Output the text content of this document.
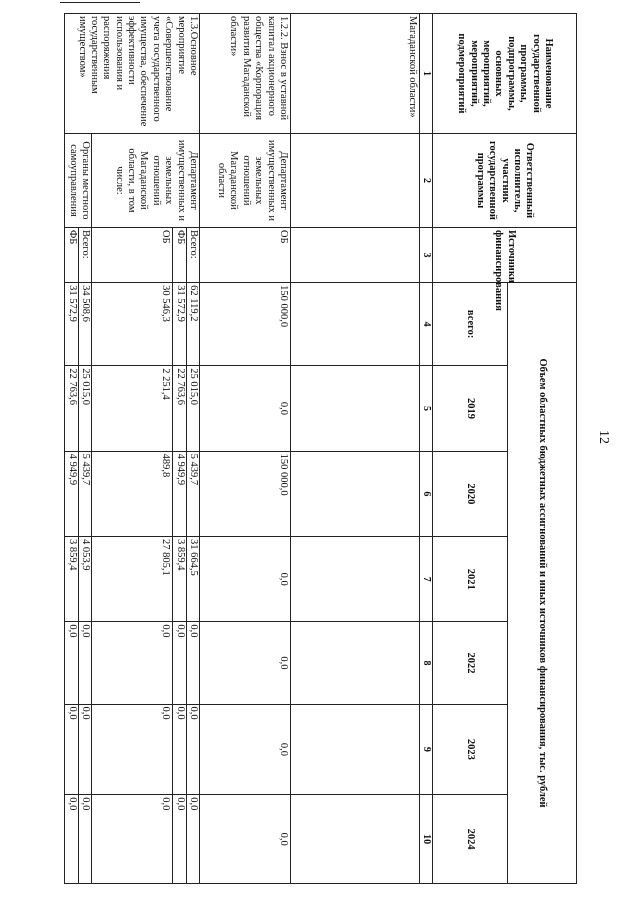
12
Наименование государственной программы, подпрограммы, основных мероприятий, мероприятий, подмероприятий	Ответственный исполнитель, участник государственной программы	Источники финансирования	Объем областных бюджетных ассигнований и иных источников финансирования, тыс. рублей						
			всего:	2019	2020	2021	2022	2023	2024
1	2	3	4	5	6	7	8	9	10
Магаданской области»									
1.2.2. Взнос в уставной капитал акционерного общества «Корпорация развития Магаданской области»	Департамент имущественных и земельных отношений Магаданской области	ОБ	150 000,0	0,0	150 000,0	0,0	0,0	0,0	0,0
1.3.Основное мероприятие «Совершенствование учета государственного имущества, обеспечение эффективности использования и распоряжения государственным имуществом»	Департамент имущественных и земельных отношений Магаданской области, в том числе:	Всего:	62 119,2	25 015,0	5 439,7	31 664,5	0,0	0,0	0,0
		ФБ	31 572,9	22 763,6	4 949,9	3 859,4	0,0	0,0	0,0
		ОБ	30 546,3	2 251,4	489,8	27 805,1	0,0	0,0	0,0
	Органы местного самоуправления	Всего:	34 508,6	25 015,0	5 439,7	4 053,9	0,0	0,0	0,0
		ФБ	31 572,9	22 763,6	4 949,9	3 859,4	0,0	0,0	0,0
